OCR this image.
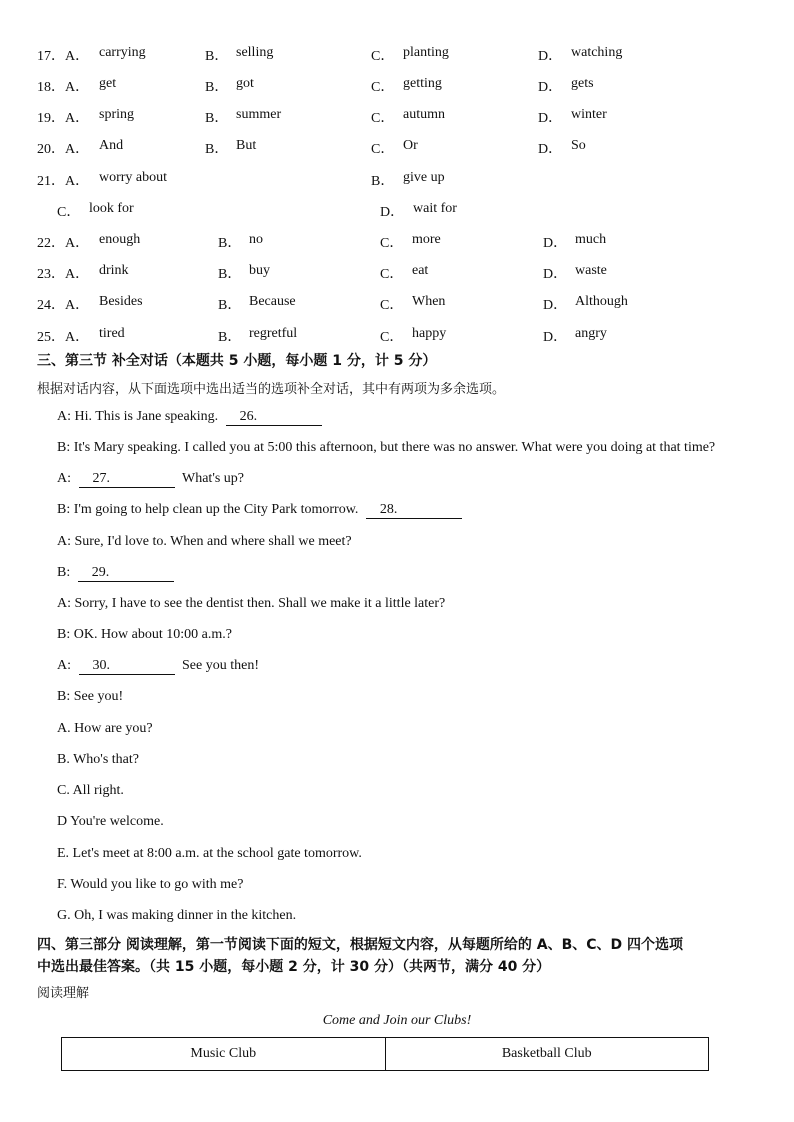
17．A． carrying	B． selling	C． planting	D． watching
18．A． get	B． got	C． getting	D． gets
19．A． spring	B． summer	C． autumn	D． winter
20．A． And	B． But	C． Or	D． So
21．A． worry about	B． give up
C． look for	D． wait for
22．A． enough	B． no	C． more	D． much
23．A． drink	B． buy	C． eat	D． waste
24．A． Besides	B． Because	C． When	D． Although
25．A． tired	B． regretful	C． happy	D． angry
三、第三节 补全对话（本题共 5 小题，每小题 1 分，计 5 分）
根据对话内容，从下面选项中选出适当的选项补全对话，其中有两项为多余选项。
A: Hi. This is Jane speaking. 26.
B: It's Mary speaking. I called you at 5:00 this afternoon, but there was no answer. What were you doing at that time?
A: 27.	What's up?
B: I'm going to help clean up the City Park tomorrow. 28.
A: Sure, I'd love to. When and where shall we meet?
B: 29.
A: Sorry, I have to see the dentist then. Shall we make it a little later?
B: OK. How about 10:00 a.m.?
A: 30.	See you then!
B: See you!
A. How are you?
B. Who's that?
C. All right.
D You're welcome.
E. Let's meet at 8:00 a.m. at the school gate tomorrow.
F. Would you like to go with me?
G. Oh, I was making dinner in the kitchen.
四、第三部分 阅读理解，第一节阅读下面的短文，根据短文内容，从每题所给的 A、B、C、D 四个选项
中选出最佳答案。（共 15 小题，每小题 2 分，计 30 分）（共两节，满分 40 分）
阅读理解
Come and Join our Clubs!
Music Club	Basketball Club
